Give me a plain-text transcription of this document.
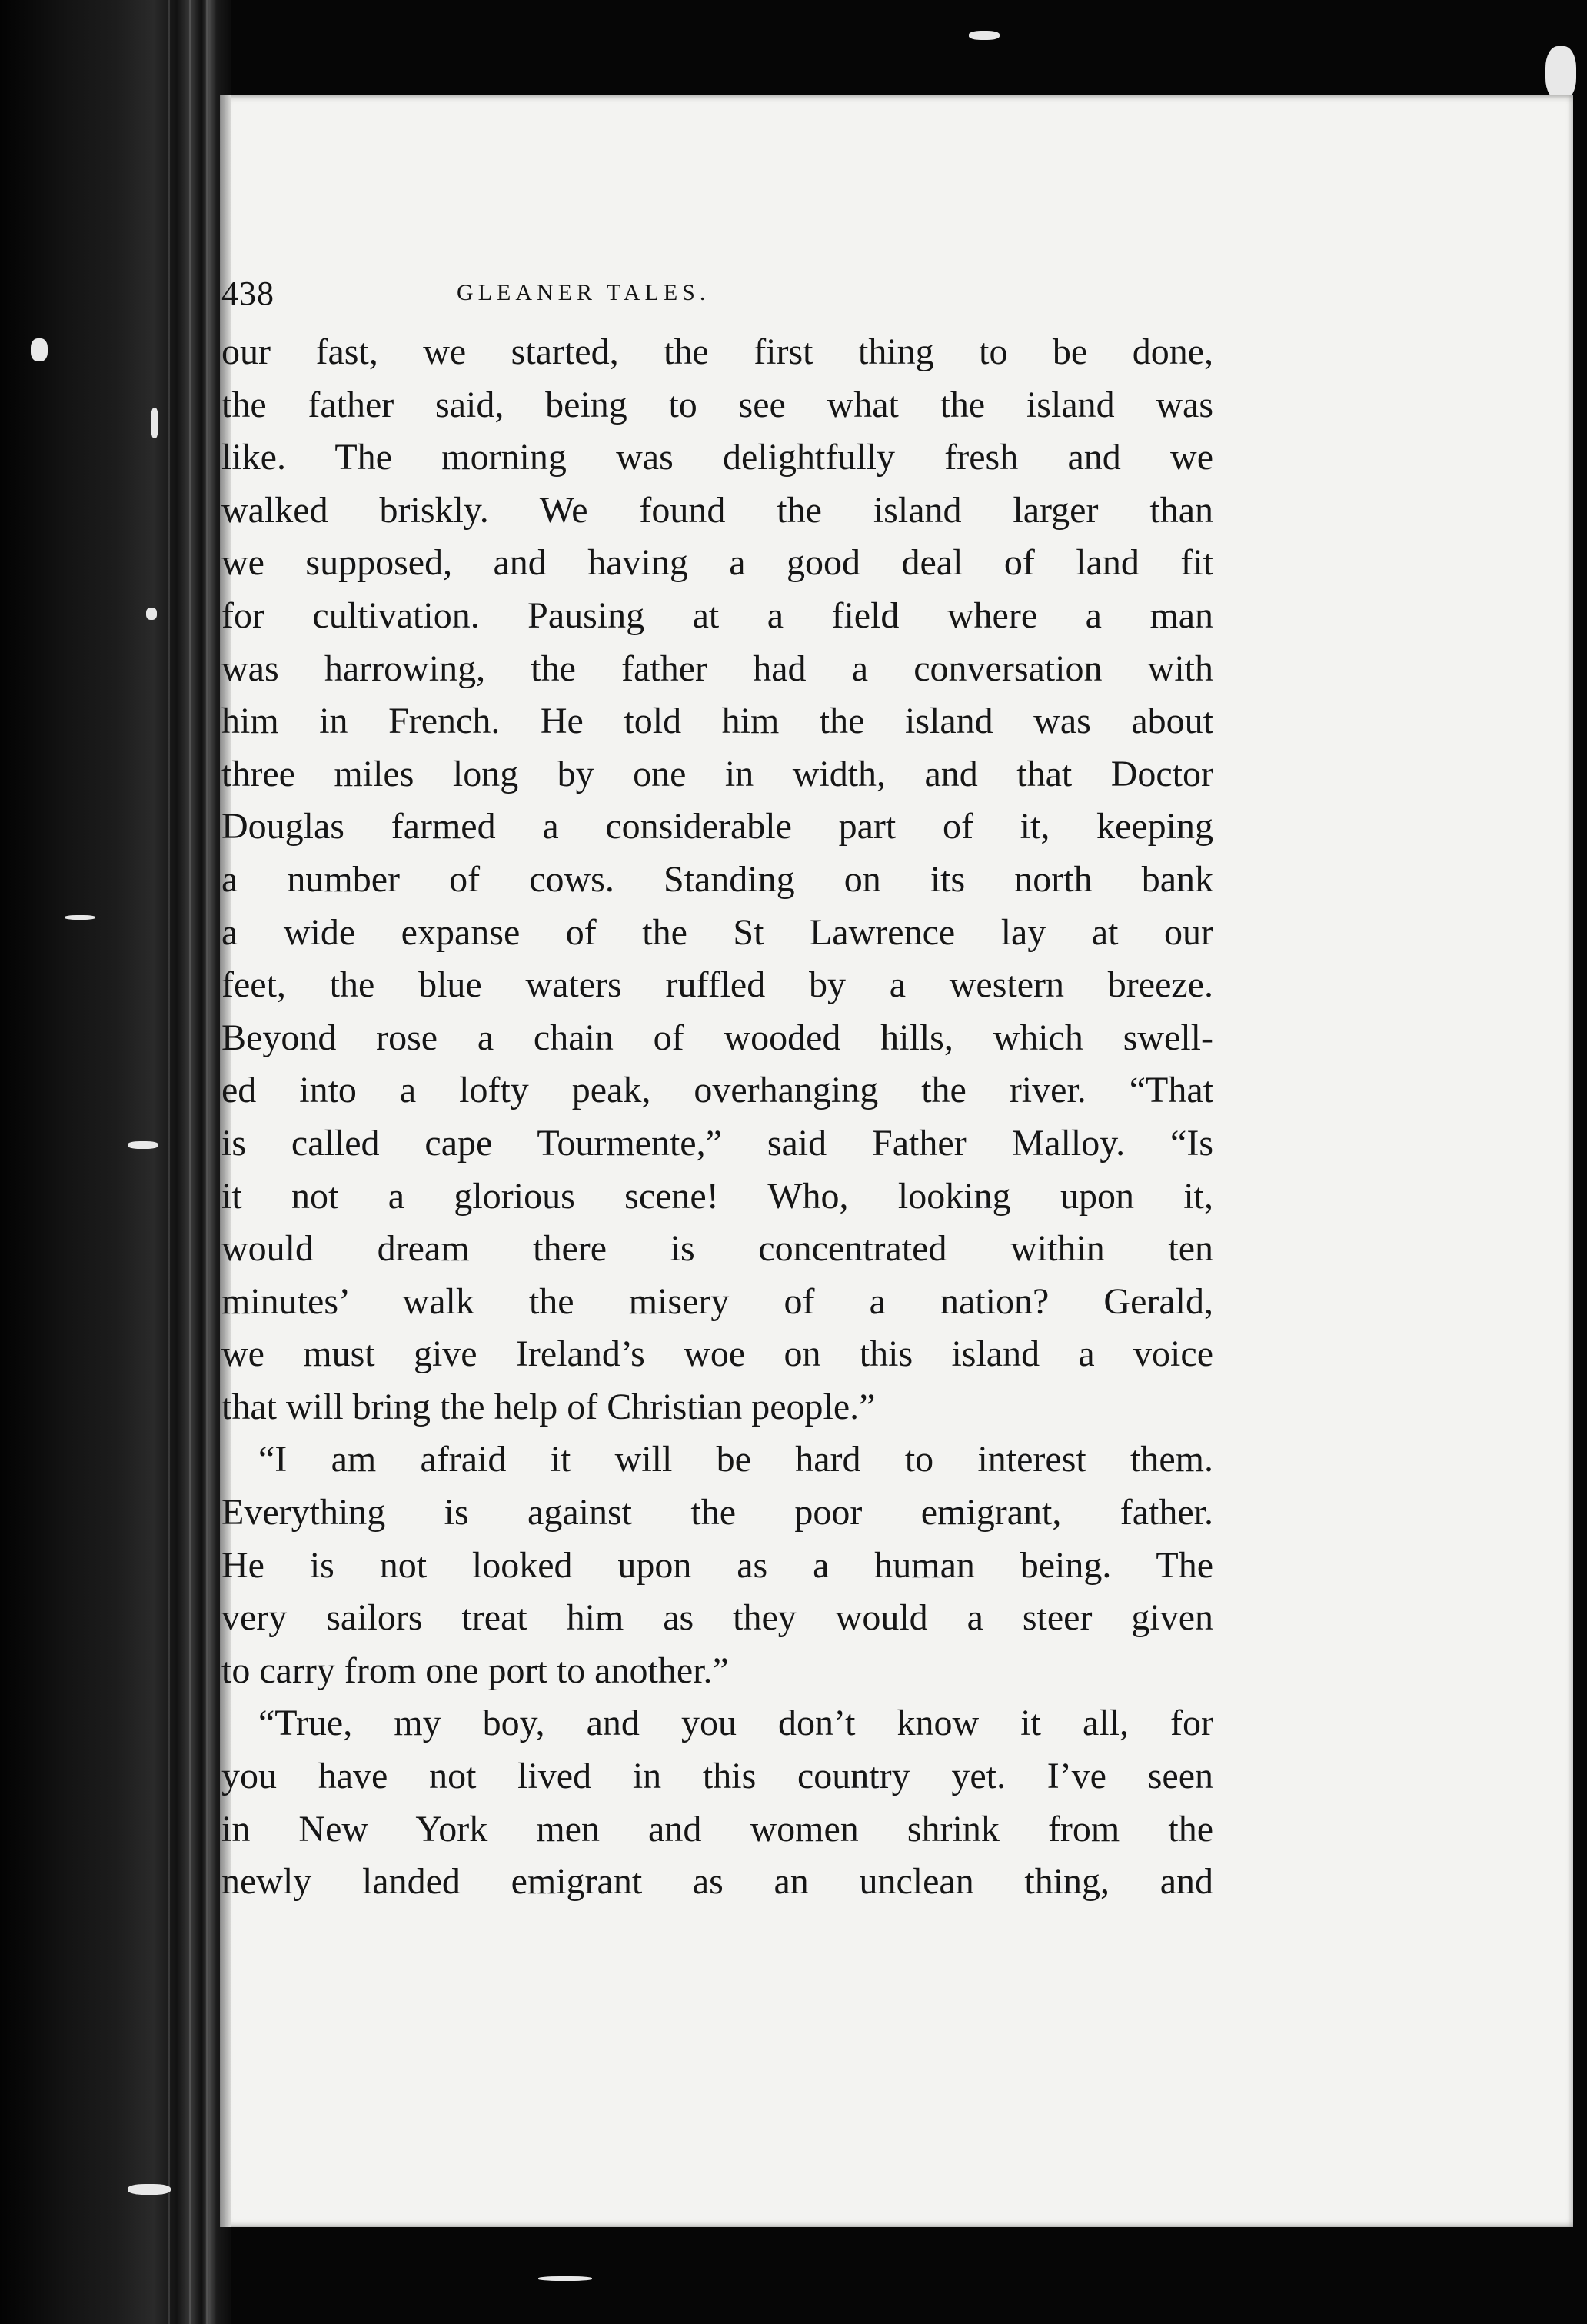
438	GLEANER TALES.
our fast, we started, the first thing to be done,
the father said, being to see what the island was
like. The morning was delightfully fresh and we
walked briskly. We found the island larger than
we supposed, and having a good deal of land fit
for cultivation. Pausing at a field where a man
was harrowing, the father had a conversation with
him in French. He told him the island was about
three miles long by one in width, and that Doctor
Douglas farmed a considerable part of it, keeping
a number of cows. Standing on its north bank
a wide expanse of the St Lawrence lay at our
feet, the blue waters ruffled by a western breeze.
Beyond rose a chain of wooded hills, which swell-
ed into a lofty peak, overhanging the river. “That
is called cape Tourmente,” said Father Malloy. “Is
it not a glorious scene! Who, looking upon it,
would dream there is concentrated within ten
minutes’ walk the misery of a nation? Gerald,
we must give Ireland’s woe on this island a voice
that will bring the help of Christian people.”
“I am afraid it will be hard to interest them.
Everything is against the poor emigrant, father.
He is not looked upon as a human being. The
very sailors treat him as they would a steer given
to carry from one port to another.”
“True, my boy, and you don’t know it all, for
you have not lived in this country yet. I’ve seen
in New York men and women shrink from the
newly landed emigrant as an unclean thing, and
